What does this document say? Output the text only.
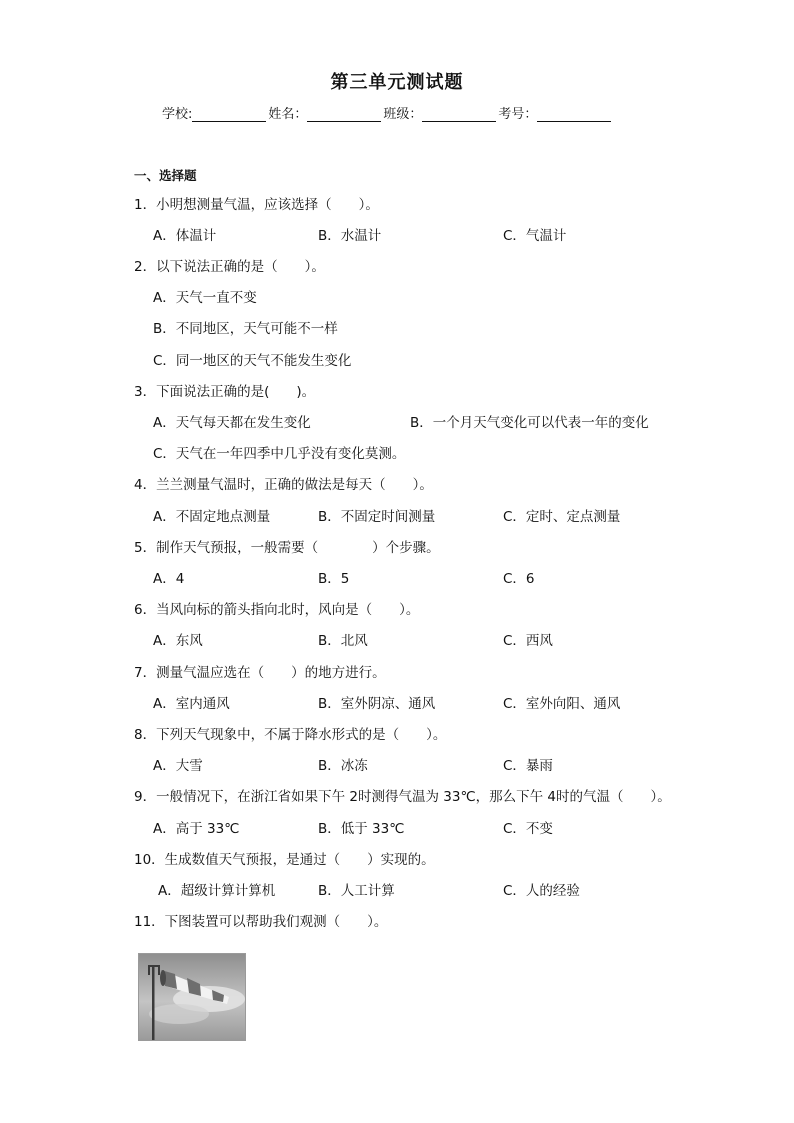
第三单元测试题
学校:	姓名：	班级：	考号：
一、选择题
1．小明想测量气温，应该选择（　　）。
A．体温计	B．水温计	C．气温计
2．以下说法正确的是（　　）。
A．天气一直不变
B．不同地区，天气可能不一样
C．同一地区的天气不能发生变化
3．下面说法正确的是(　　)。
A．天气每天都在发生变化	B．一个月天气变化可以代表一年的变化
C．天气在一年四季中几乎没有变化莫测。
4．兰兰测量气温时，正确的做法是每天（　　）。
A．不固定地点测量	B．不固定时间测量	C．定时、定点测量
5．制作天气预报，一般需要（　　　　）个步骤。
A．4	B．5	C．6
6．当风向标的箭头指向北时，风向是（　　）。
A．东风	B．北风	C．西风
7．测量气温应选在（　　）的地方进行。
A．室内通风	B．室外阴凉、通风	C．室外向阳、通风
8．下列天气现象中，不属于降水形式的是（　　）。
A．大雪	B．冰冻	C．暴雨
9．一般情况下，在浙江省如果下午 2时测得气温为 33℃，那么下午 4时的气温（　　）。
A．高于 33℃	B．低于 33℃	C．不变
10．生成数值天气预报，是通过（　　）实现的。
A．超级计算计算机	B．人工计算	C．人的经验
11．下图装置可以帮助我们观测（　　）。
